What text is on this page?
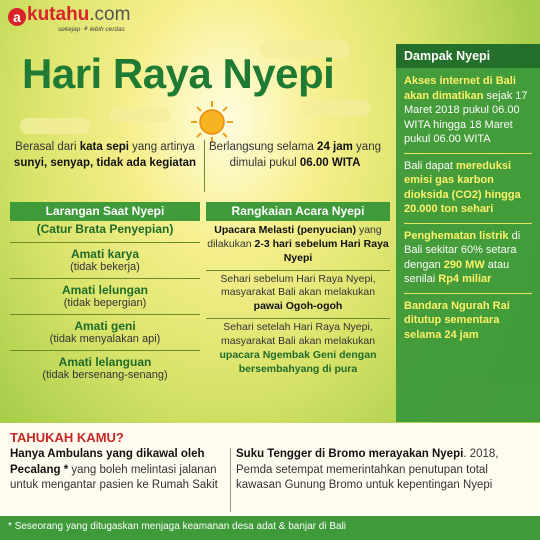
a kutahu .com
sekejap ⚘ lebih cerdas
Hari Raya Nyepi
Berasal dari kata sepi yang artinya sunyi, senyap, tidak ada kegiatan
Berlangsung selama 24 jam yang dimulai pukul 06.00 WITA
Larangan Saat Nyepi
(Catur Brata Penyepian)
Amati karya
(tidak bekerja)
Amati lelungan
(tidak bepergian)
Amati geni
(tidak menyalakan api)
Amati lelanguan
(tidak bersenang-senang)
Rangkaian Acara Nyepi
Upacara Melasti (penyucian) yang dilakukan 2-3 hari sebelum Hari Raya Nyepi
Sehari sebelum Hari Raya Nyepi, masyarakat Bali akan melakukan pawai Ogoh-ogoh
Sehari setelah Hari Raya Nyepi, masyarakat Bali akan melakukan upacara Ngembak Geni dengan bersembahyang di pura
Dampak Nyepi
Akses internet di Bali akan dimatikan sejak 17 Maret 2018 pukul 06.00 WITA hingga 18 Maret pukul 06.00 WITA
Bali dapat mereduksi emisi gas karbon dioksida (CO2) hingga 20.000 ton sehari
Penghematan listrik di Bali sekitar 60% setara dengan 290 MW atau senilai Rp4 miliar
Bandara Ngurah Rai ditutup sementara selama 24 jam
TAHUKAH KAMU?
Hanya Ambulans yang dikawal oleh Pecalang * yang boleh melintasi jalanan untuk mengantar pasien ke Rumah Sakit
Suku Tengger di Bromo merayakan Nyepi. 2018, Pemda setempat memerintahkan penutupan total kawasan Gunung Bromo untuk kepentingan Nyepi
* Seseorang yang ditugaskan menjaga keamanan desa adat & banjar di Bali
